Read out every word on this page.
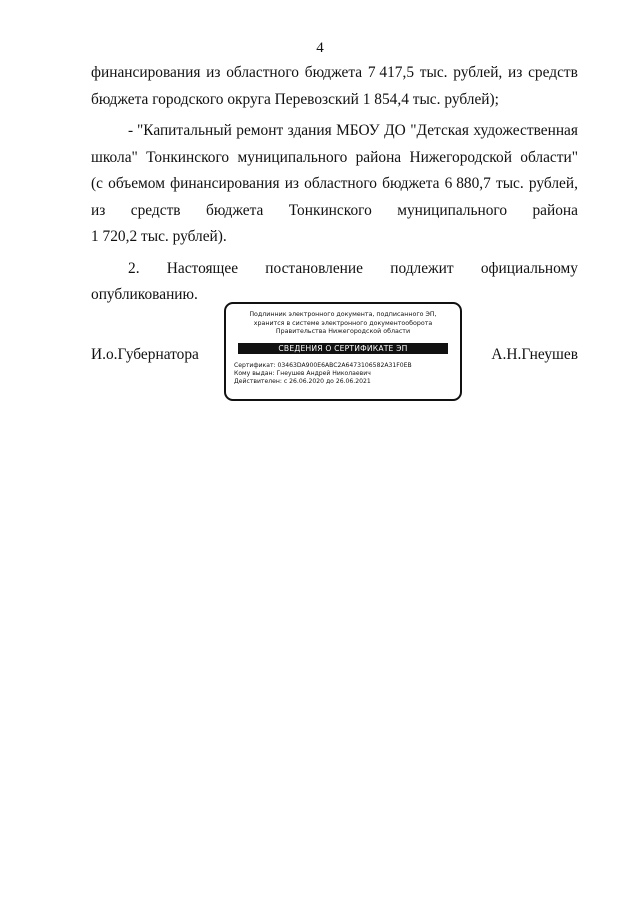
4
финансирования из областного бюджета 7 417,5 тыс. рублей, из средств
бюджета городского округа Перевозский 1 854,4 тыс. рублей);
- "Капитальный ремонт здания МБОУ ДО "Детская художественная
школа" Тонкинского муниципального района Нижегородской области"
(с объемом финансирования из областного бюджета 6 880,7 тыс. рублей,
из средств бюджета Тонкинского муниципального района
1 720,2 тыс. рублей).
2. Настоящее постановление подлежит официальному
опубликованию.
И.о.Губернатора
Подлинник электронного документа, подписанного ЭП,
хранится в системе электронного документооборота
Правительства Нижегородской области
СВЕДЕНИЯ О СЕРТИФИКАТЕ ЭП
Сертификат: 03463DA900E6ABC2A6473106582A31F0EB
Кому выдан: Гнеушев Андрей Николаевич
Действителен: с 26.06.2020 до 26.06.2021
А.Н.Гнеушев
